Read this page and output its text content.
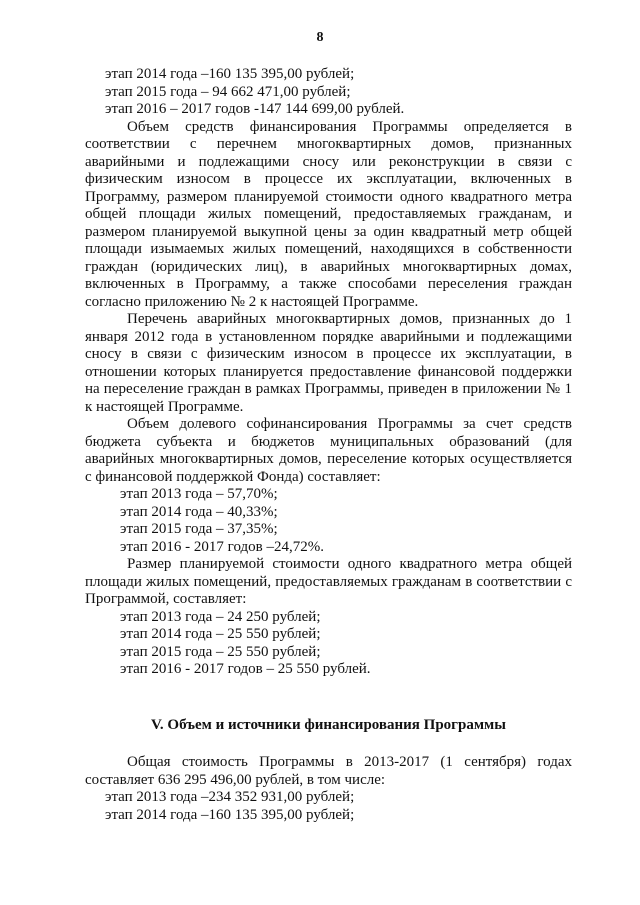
8
этап 2014 года –160 135 395,00 рублей;
этап 2015 года – 94 662 471,00 рублей;
этап 2016 – 2017 годов -147 144 699,00 рублей.

Объем средств финансирования Программы определяется в соответствии с перечнем многоквартирных домов, признанных аварийными и подлежащими сносу или реконструкции в связи с физическим износом в процессе их эксплуатации, включенных в Программу, размером планируемой стоимости одного квадратного метра общей площади жилых помещений, предоставляемых гражданам, и размером планируемой выкупной цены за один квадратный метр общей площади изымаемых жилых помещений, находящихся в собственности граждан (юридических лиц), в аварийных многоквартирных домах, включенных в Программу, а также способами переселения граждан согласно приложению № 2 к настоящей Программе.

Перечень аварийных многоквартирных домов, признанных до 1 января 2012 года в установленном порядке аварийными и подлежащими сносу в связи с физическим износом в процессе их эксплуатации, в отношении которых планируется предоставление финансовой поддержки на переселение граждан в рамках Программы, приведен в приложении № 1 к настоящей Программе.

Объем долевого софинансирования Программы за счет средств бюджета субъекта и бюджетов муниципальных образований (для аварийных многоквартирных домов, переселение которых осуществляется с финансовой поддержкой Фонда) составляет:

этап 2013 года – 57,70%;
этап 2014 года – 40,33%;
этап 2015 года – 37,35%;
этап 2016 - 2017 годов –24,72%.

Размер планируемой стоимости одного квадратного метра общей площади жилых помещений, предоставляемых гражданам в соответствии с Программой, составляет:

этап 2013 года – 24 250 рублей;
этап 2014 года – 25 550 рублей;
этап 2015 года – 25 550 рублей;
этап 2016 - 2017 годов – 25 550 рублей.
V. Объем и источники финансирования Программы

Общая стоимость Программы в 2013-2017 (1 сентября) годах составляет 636 295 496,00 рублей, в том числе:

этап 2013 года –234 352 931,00 рублей;
этап 2014 года –160 135 395,00 рублей;
